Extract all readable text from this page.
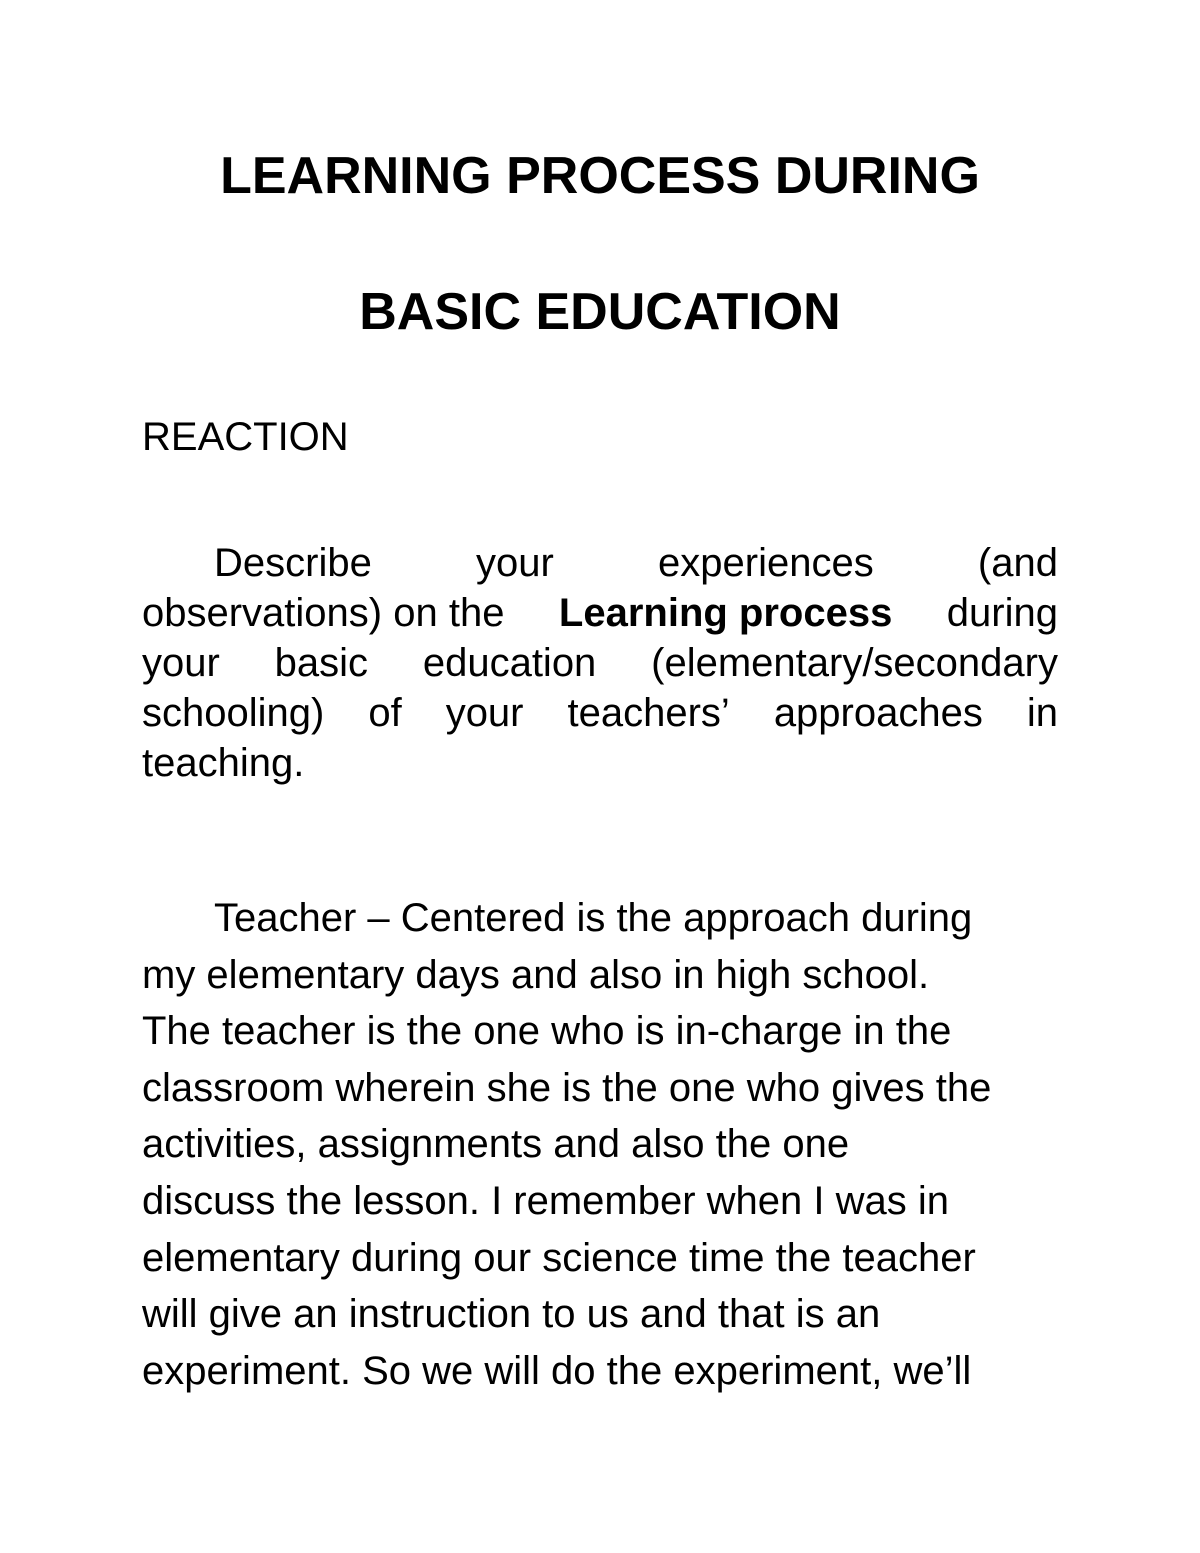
LEARNING PROCESS DURING
BASIC EDUCATION
REACTION
Describe	your	experiences	(and
observations) on the Learning process during
your basic education (elementary/secondary
schooling) of your teachers’ approaches in
teaching.
Teacher – Centered is the approach during
my elementary days and also in high school.
The teacher is the one who is in-charge in the
classroom wherein she is the one who gives the
activities, assignments and also the one
discuss the lesson. I remember when I was in
elementary during our science time the teacher
will give an instruction to us and that is an
experiment. So we will do the experiment, we’ll
